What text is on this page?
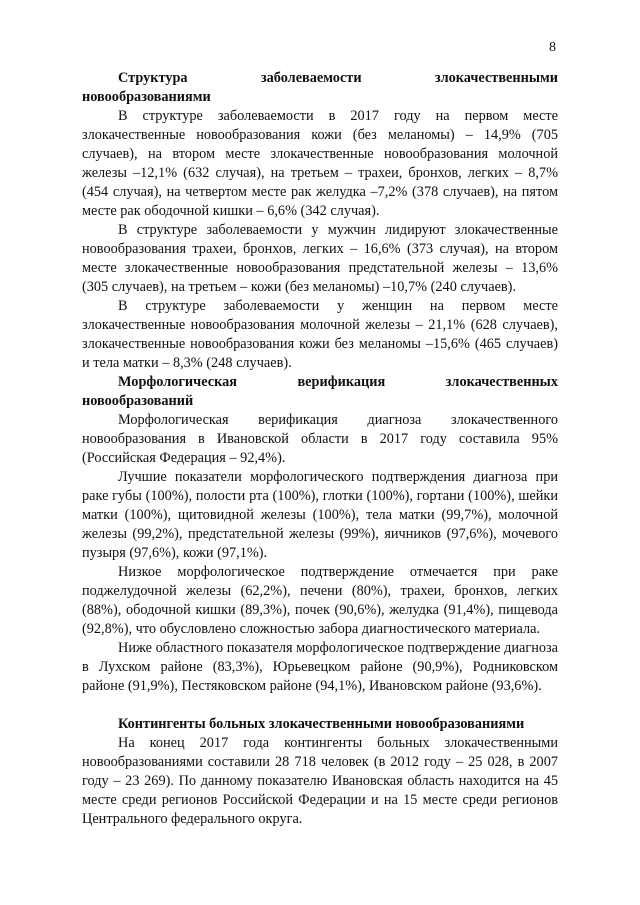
8

Структура заболеваемости злокачественными

новообразованиями

В структуре заболеваемости в 2017 году на первом месте злокачественные новообразования кожи (без меланомы) – 14,9% (705 случаев), на втором месте злокачественные новообразования молочной железы –12,1% (632 случая), на третьем – трахеи, бронхов, легких – 8,7% (454 случая), на четвертом месте рак желудка –7,2% (378 случаев), на пятом месте рак ободочной кишки – 6,6% (342 случая).

В структуре заболеваемости у мужчин лидируют злокачественные новообразования трахеи, бронхов, легких – 16,6% (373 случая), на втором месте злокачественные новообразования предстательной железы – 13,6% (305 случаев), на третьем – кожи (без меланомы) –10,7% (240 случаев).

В структуре заболеваемости у женщин на первом месте злокачественные новообразования молочной железы – 21,1% (628 случаев), злокачественные новообразования кожи без меланомы –15,6% (465 случаев) и тела матки – 8,3% (248 случаев).

Морфологическая верификация злокачественных

новообразований

Морфологическая верификация диагноза злокачественного новообразования в Ивановской области в 2017 году составила 95% (Российская Федерация – 92,4%).

Лучшие показатели морфологического подтверждения диагноза при раке губы (100%), полости рта (100%), глотки (100%), гортани (100%), шейки матки (100%), щитовидной железы (100%), тела матки (99,7%), молочной железы (99,2%), предстательной железы (99%), яичников (97,6%), мочевого пузыря (97,6%), кожи (97,1%).

Низкое морфологическое подтверждение отмечается при раке поджелудочной железы (62,2%), печени (80%), трахеи, бронхов, легких (88%), ободочной кишки (89,3%), почек (90,6%), желудка (91,4%), пищевода (92,8%), что обусловлено сложностью забора диагностического материала.

Ниже областного показателя морфологическое подтверждение диагноза в Лухском районе (83,3%), Юрьевецком районе (90,9%), Родниковском районе (91,9%), Пестяковском районе (94,1%), Ивановском районе (93,6%).

Контингенты больных злокачественными новообразованиями

На конец 2017 года контингенты больных злокачественными новообразованиями составили 28 718 человек (в 2012 году – 25 028, в 2007 году – 23 269). По данному показателю Ивановская область находится на 45 месте среди регионов Российской Федерации и на 15 месте среди регионов Центрального федерального округа.
